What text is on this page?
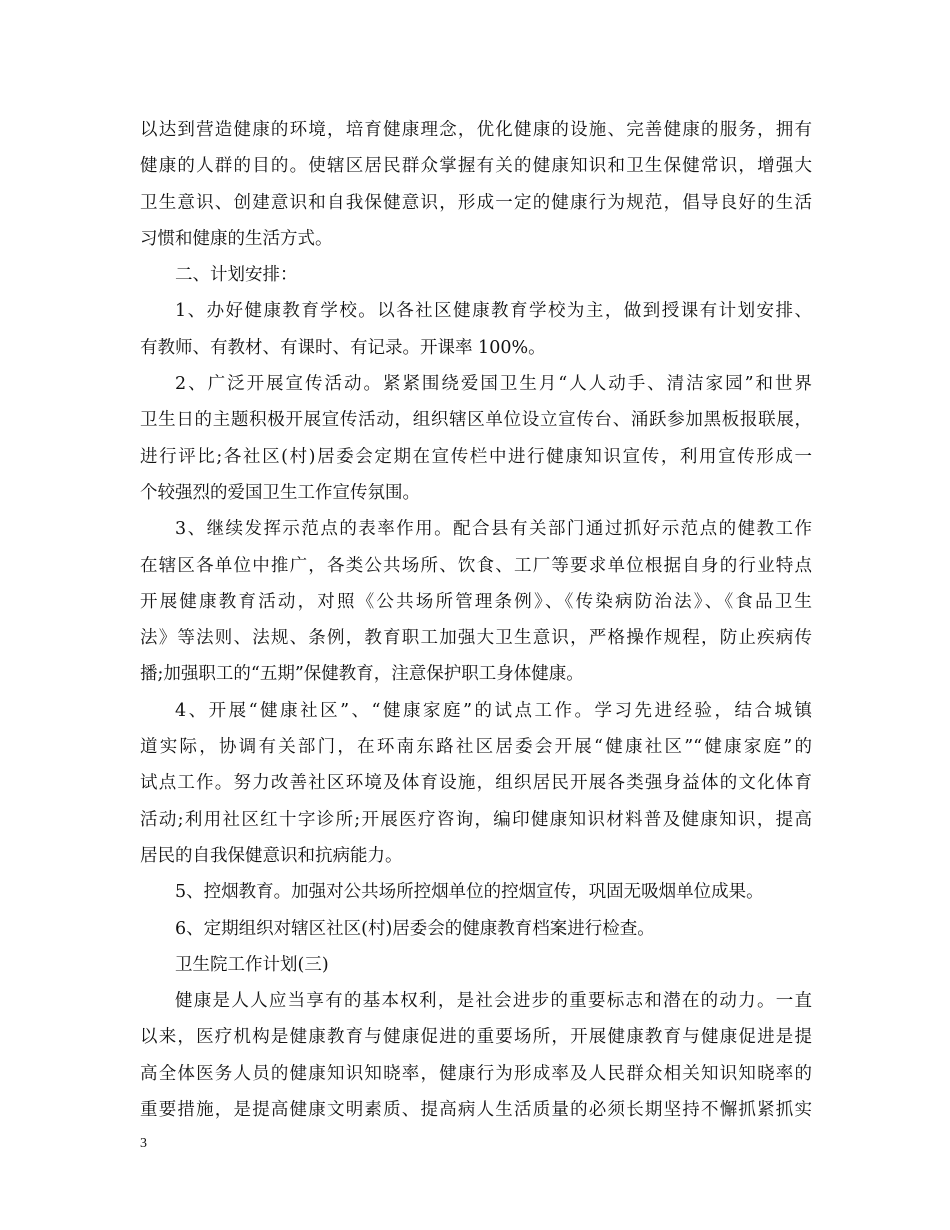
以达到营造健康的环境，培育健康理念，优化健康的设施、完善健康的服务，拥有
健康的人群的目的。使辖区居民群众掌握有关的健康知识和卫生保健常识，增强大
卫生意识、创建意识和自我保健意识，形成一定的健康行为规范，倡导良好的生活
习惯和健康的生活方式。
二、计划安排：
1、办好健康教育学校。以各社区健康教育学校为主，做到授课有计划安排、
有教师、有教材、有课时、有记录。开课率 100%。
2、广泛开展宣传活动。紧紧围绕爱国卫生月“人人动手、清洁家园”和世界
卫生日的主题积极开展宣传活动，组织辖区单位设立宣传台、涌跃参加黑板报联展，
进行评比;各社区(村)居委会定期在宣传栏中进行健康知识宣传，利用宣传形成一
个较强烈的爱国卫生工作宣传氛围。
3、继续发挥示范点的表率作用。配合县有关部门通过抓好示范点的健教工作
在辖区各单位中推广，各类公共场所、饮食、工厂等要求单位根据自身的行业特点
开展健康教育活动，对照《公共场所管理条例》、《传染病防治法》、《食品卫生
法》等法则、法规、条例，教育职工加强大卫生意识，严格操作规程，防止疾病传
播;加强职工的“五期”保健教育，注意保护职工身体健康。
4、开展“健康社区”、“健康家庭”的试点工作。学习先进经验，结合城镇
道实际，协调有关部门，在环南东路社区居委会开展“健康社区”“健康家庭”的
试点工作。努力改善社区环境及体育设施，组织居民开展各类强身益体的文化体育
活动;利用社区红十字诊所;开展医疗咨询，编印健康知识材料普及健康知识，提高
居民的自我保健意识和抗病能力。
5、控烟教育。加强对公共场所控烟单位的控烟宣传，巩固无吸烟单位成果。
6、定期组织对辖区社区(村)居委会的健康教育档案进行检查。
卫生院工作计划(三)
健康是人人应当享有的基本权利，是社会进步的重要标志和潜在的动力。一直
以来，医疗机构是健康教育与健康促进的重要场所，开展健康教育与健康促进是提
高全体医务人员的健康知识知晓率，健康行为形成率及人民群众相关知识知晓率的
重要措施，是提高健康文明素质、提高病人生活质量的必须长期坚持不懈抓紧抓实
3
